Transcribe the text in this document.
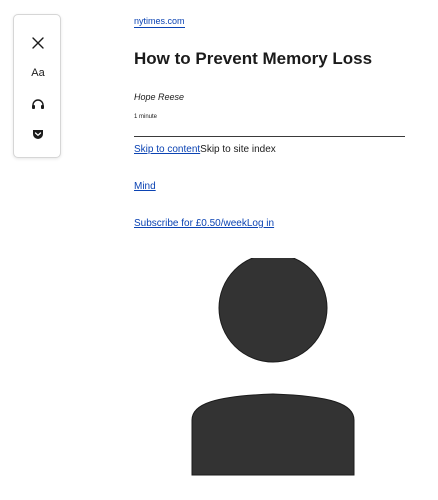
Aa
nytimes.com
How to Prevent Memory Loss
Hope Reese
1 minute
Skip to contentSkip to site index
Mind
Subscribe for £0.50/weekLog in
